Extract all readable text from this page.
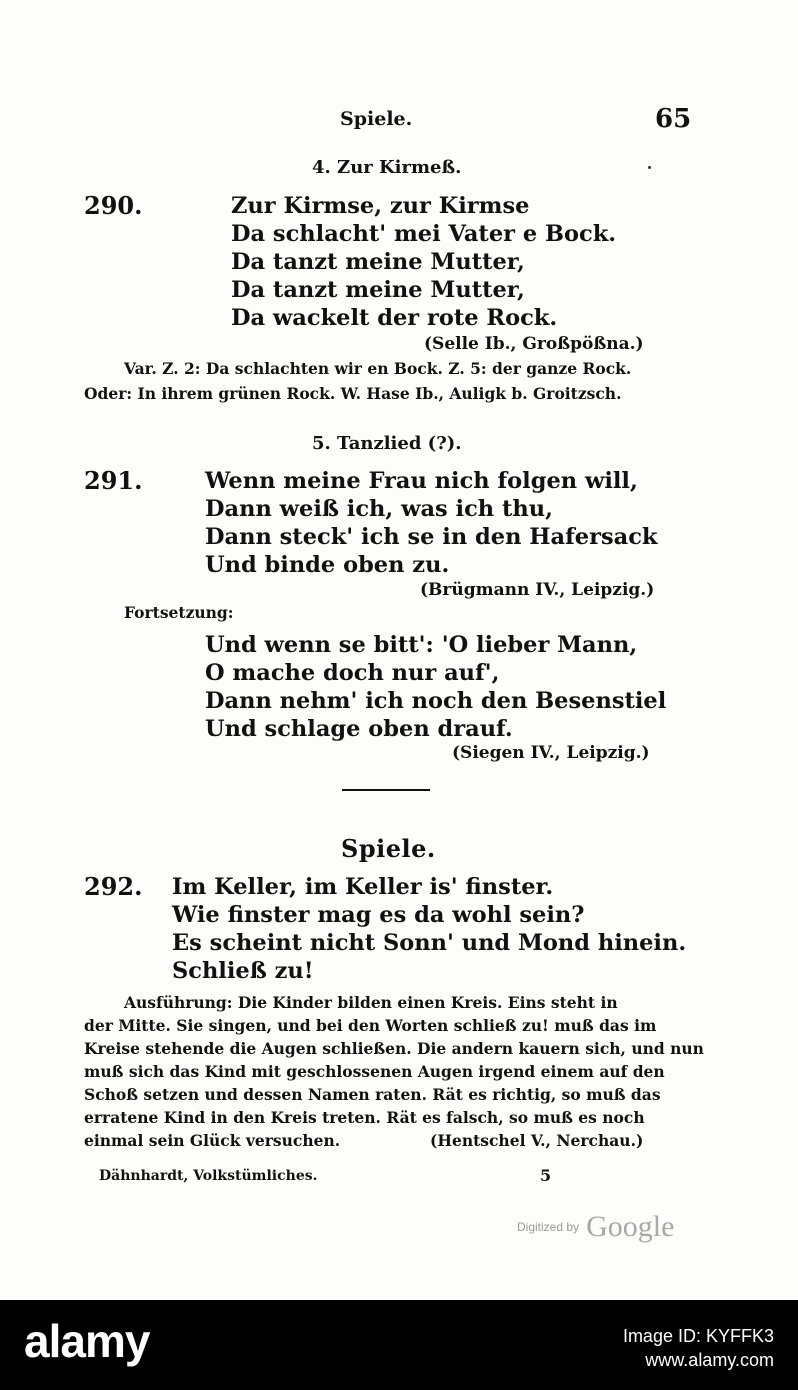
Spiele.	65
4. Zur Kirmeß.
290.	Zur Kirmse, zur Kirmse
Da schlacht' mei Vater e Bock.
Da tanzt meine Mutter,
Da tanzt meine Mutter,
Da wackelt der rote Rock.
(Selle Ib., Großpößna.)
Var. Z. 2: Da schlachten wir en Bock. Z. 5: der ganze Rock.
Oder: In ihrem grünen Rock. W. Hase Ib., Auligk b. Groitzsch.
5. Tanzlied (?).
291.	Wenn meine Frau nich folgen will,
Dann weiß ich, was ich thu,
Dann steck' ich se in den Hafersack
Und binde oben zu.
(Brügmann IV., Leipzig.)
Fortsetzung:
Und wenn se bitt': 'O lieber Mann,
O mache doch nur auf',
Dann nehm' ich noch den Besenstiel
Und schlage oben drauf.
(Siegen IV., Leipzig.)
Spiele.
292. Im Keller, im Keller is' finster.
Wie finster mag es da wohl sein?
Es scheint nicht Sonn' und Mond hinein.
Schließ zu!
Ausführung: Die Kinder bilden einen Kreis. Eins steht in
der Mitte. Sie singen, und bei den Worten schließ zu! muß das im
Kreise stehende die Augen schließen. Die andern kauern sich, und nun
muß sich das Kind mit geschlossenen Augen irgend einem auf den
Schoß setzen und dessen Namen raten. Rät es richtig, so muß das
erratene Kind in den Kreis treten. Rät es falsch, so muß es noch
einmal sein Glück versuchen.	(Hentschel V., Nerchau.)
Dähnhardt, Volkstümliches.	5
Digitized by Google
alamy	Image ID: KYFFK3
www.alamy.com
